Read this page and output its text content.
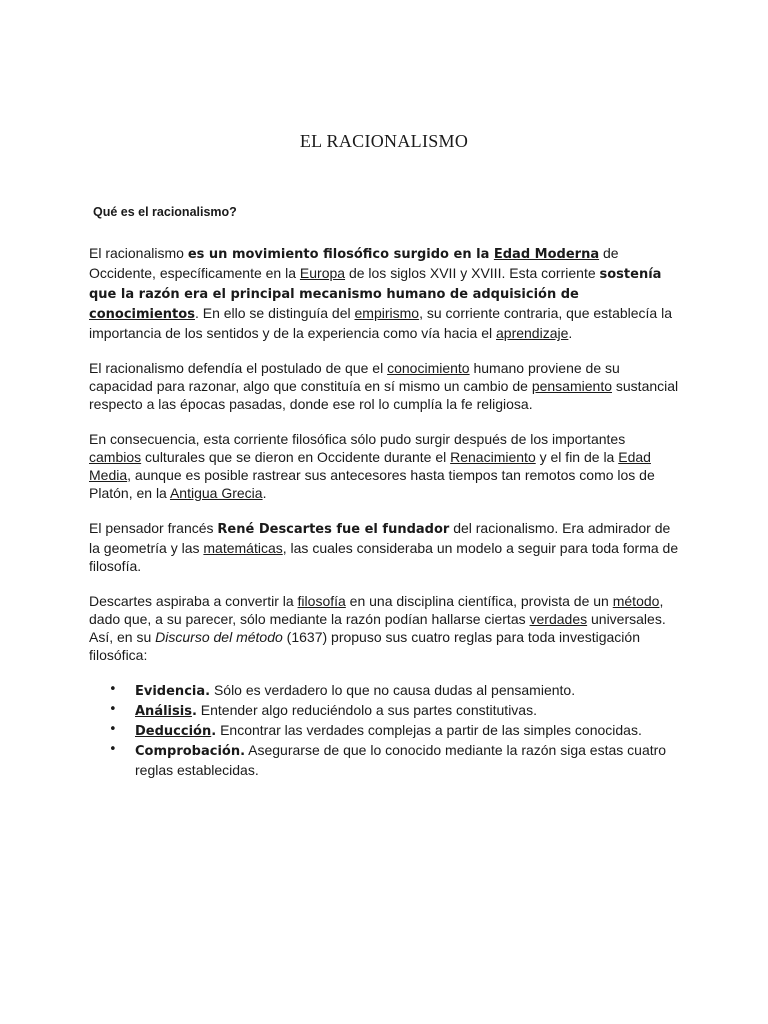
EL RACIONALISMO
Qué es el racionalismo?

El racionalismo es un movimiento filosófico surgido en la Edad Moderna de Occidente, específicamente en la Europa de los siglos XVII y XVIII. Esta corriente sostenía que la razón era el principal mecanismo humano de adquisición de conocimientos. En ello se distinguía del empirismo, su corriente contraria, que establecía la importancia de los sentidos y de la experiencia como vía hacia el aprendizaje.

El racionalismo defendía el postulado de que el conocimiento humano proviene de su capacidad para razonar, algo que constituía en sí mismo un cambio de pensamiento sustancial respecto a las épocas pasadas, donde ese rol lo cumplía la fe religiosa.

En consecuencia, esta corriente filosófica sólo pudo surgir después de los importantes cambios culturales que se dieron en Occidente durante el Renacimiento y el fin de la Edad Media, aunque es posible rastrear sus antecesores hasta tiempos tan remotos como los de Platón, en la Antigua Grecia.

El pensador francés René Descartes fue el fundador del racionalismo. Era admirador de la geometría y las matemáticas, las cuales consideraba un modelo a seguir para toda forma de filosofía.

Descartes aspiraba a convertir la filosofía en una disciplina científica, provista de un método, dado que, a su parecer, sólo mediante la razón podían hallarse ciertas verdades universales. Así, en su Discurso del método (1637) propuso sus cuatro reglas para toda investigación filosófica:

• Evidencia. Sólo es verdadero lo que no causa dudas al pensamiento.
• Análisis. Entender algo reduciéndolo a sus partes constitutivas.
• Deducción. Encontrar las verdades complejas a partir de las simples conocidas.
• Comprobación. Asegurarse de que lo conocido mediante la razón siga estas cuatro reglas establecidas.
